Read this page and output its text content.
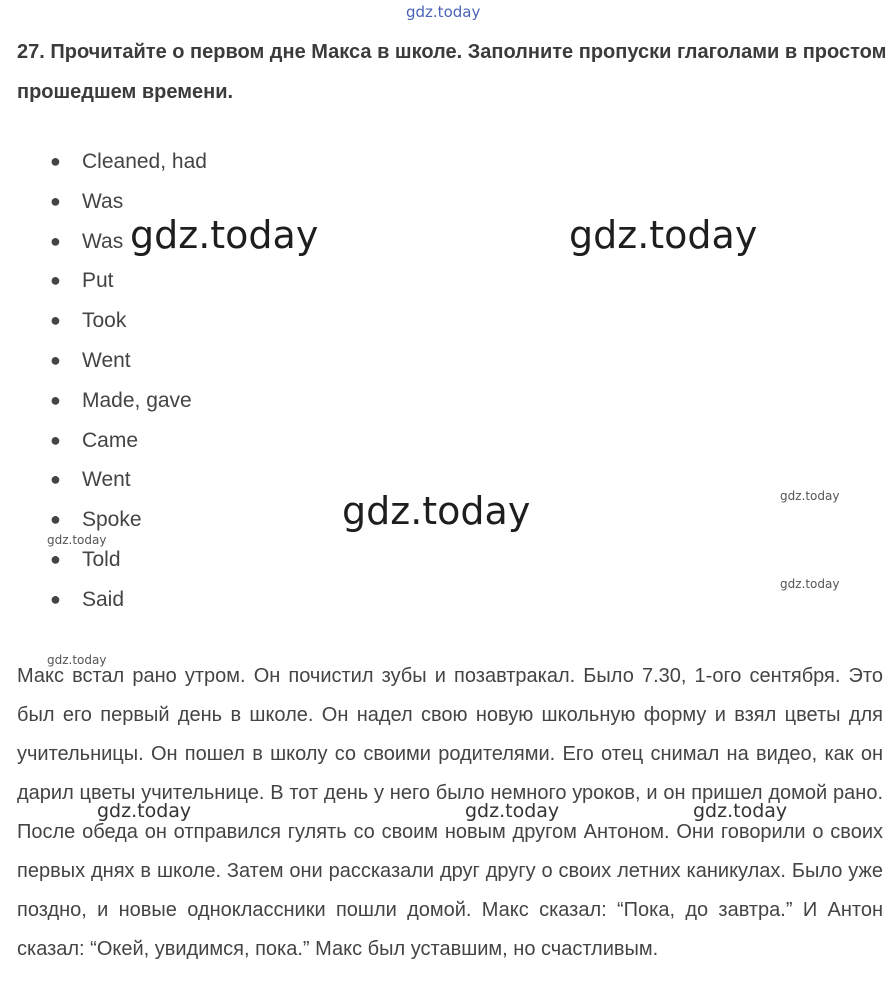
gdz.today

27. Прочитайте о первом дне Макса в школе. Заполните пропуски глаголами в простом прошедшем времени.

● Cleaned, had
● Was
● Was
● Put
● Took
● Went
● Made, gave
● Came
● Went
● Spoke
● Told
● Said

Макс встал рано утром. Он почистил зубы и позавтракал. Было 7.30, 1-ого сентября. Это был его первый день в школе. Он надел свою новую школьную форму и взял цветы для учительницы. Он пошел в школу со своими родителями. Его отец снимал на видео, как он дарил цветы учительнице. В тот день у него было немного уроков, и он пришел домой рано. После обеда он отправился гулять со своим новым другом Антоном. Они говорили о своих первых днях в школе. Затем они рассказали друг другу о своих летних каникулах. Было уже поздно, и новые одноклассники пошли домой. Макс сказал: “Пока, до завтра.” И Антон сказал: “Окей, увидимся, пока.” Макс был уставшим, но счастливым.

gdz.today	gdz.today
gdz.today	gdz.today
gdz.today
gdz.today
gdz.today
gdz.today	gdz.today	gdz.today
